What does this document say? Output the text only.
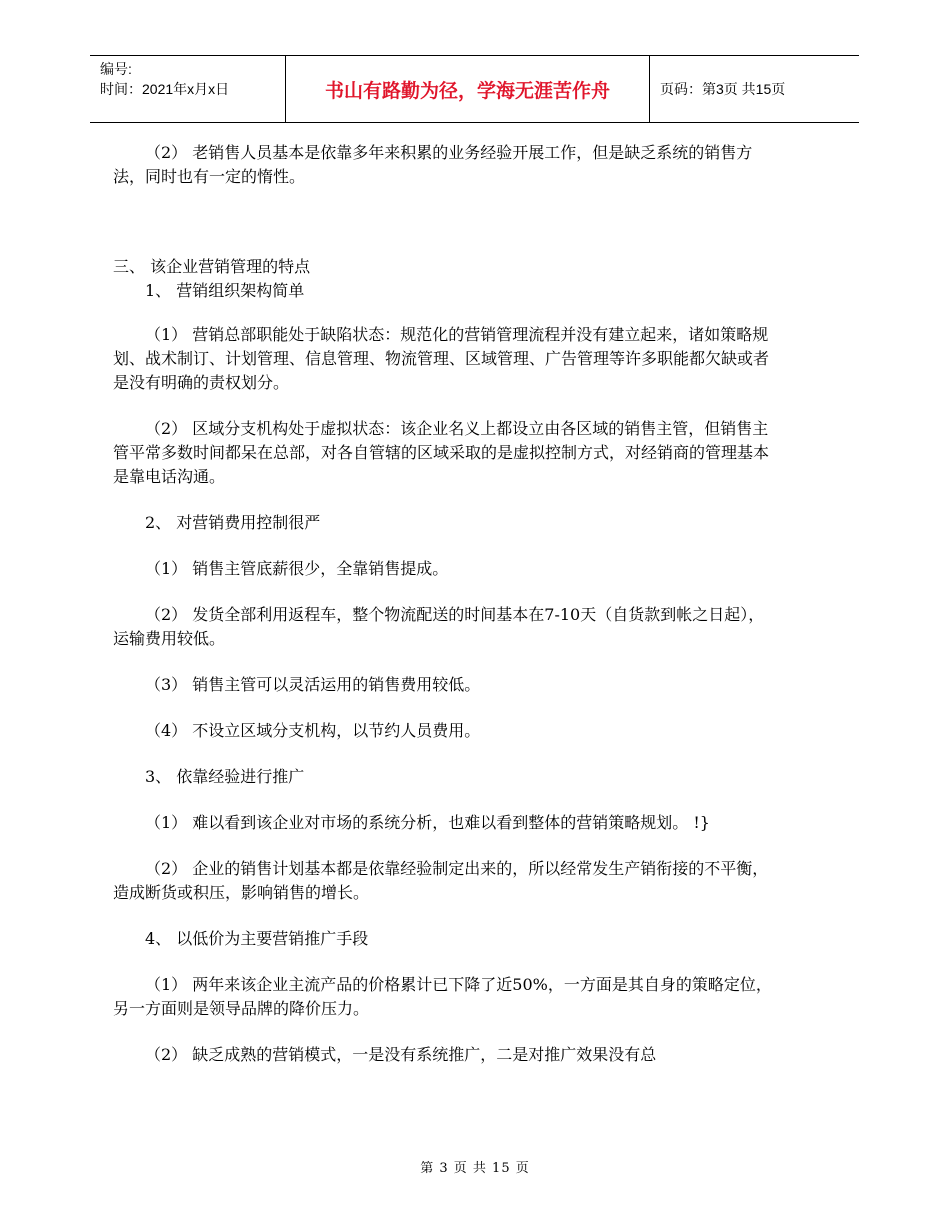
编号:
时间：2021年x月x日	书山有路勤为径，学海无涯苦作舟	页码：第3页 共15页

（2） 老销售人员基本是依靠多年来积累的业务经验开展工作，但是缺乏系统的销售方法，同时也有一定的惰性。

三、 该企业营销管理的特点

1、 营销组织架构简单

（1） 营销总部职能处于缺陷状态：规范化的营销管理流程并没有建立起来，诸如策略规划、战术制订、计划管理、信息管理、物流管理、区域管理、广告管理等许多职能都欠缺或者是没有明确的责权划分。

（2） 区域分支机构处于虚拟状态：该企业名义上都设立由各区域的销售主管，但销售主管平常多数时间都呆在总部，对各自管辖的区域采取的是虚拟控制方式，对经销商的管理基本是靠电话沟通。

2、 对营销费用控制很严

（1） 销售主管底薪很少，全靠销售提成。

（2） 发货全部利用返程车，整个物流配送的时间基本在7-10天（自货款到帐之日起），运输费用较低。

（3） 销售主管可以灵活运用的销售费用较低。

（4） 不设立区域分支机构，以节约人员费用。

3、 依靠经验进行推广

（1） 难以看到该企业对市场的系统分析，也难以看到整体的营销策略规划。 !}

（2） 企业的销售计划基本都是依靠经验制定出来的，所以经常发生产销衔接的不平衡，造成断货或积压，影响销售的增长。

4、 以低价为主要营销推广手段

（1） 两年来该企业主流产品的价格累计已下降了近50%，一方面是其自身的策略定位，另一方面则是领导品牌的降价压力。

（2） 缺乏成熟的营销模式，一是没有系统推广，二是对推广效果没有总

第 3 页 共 15 页
